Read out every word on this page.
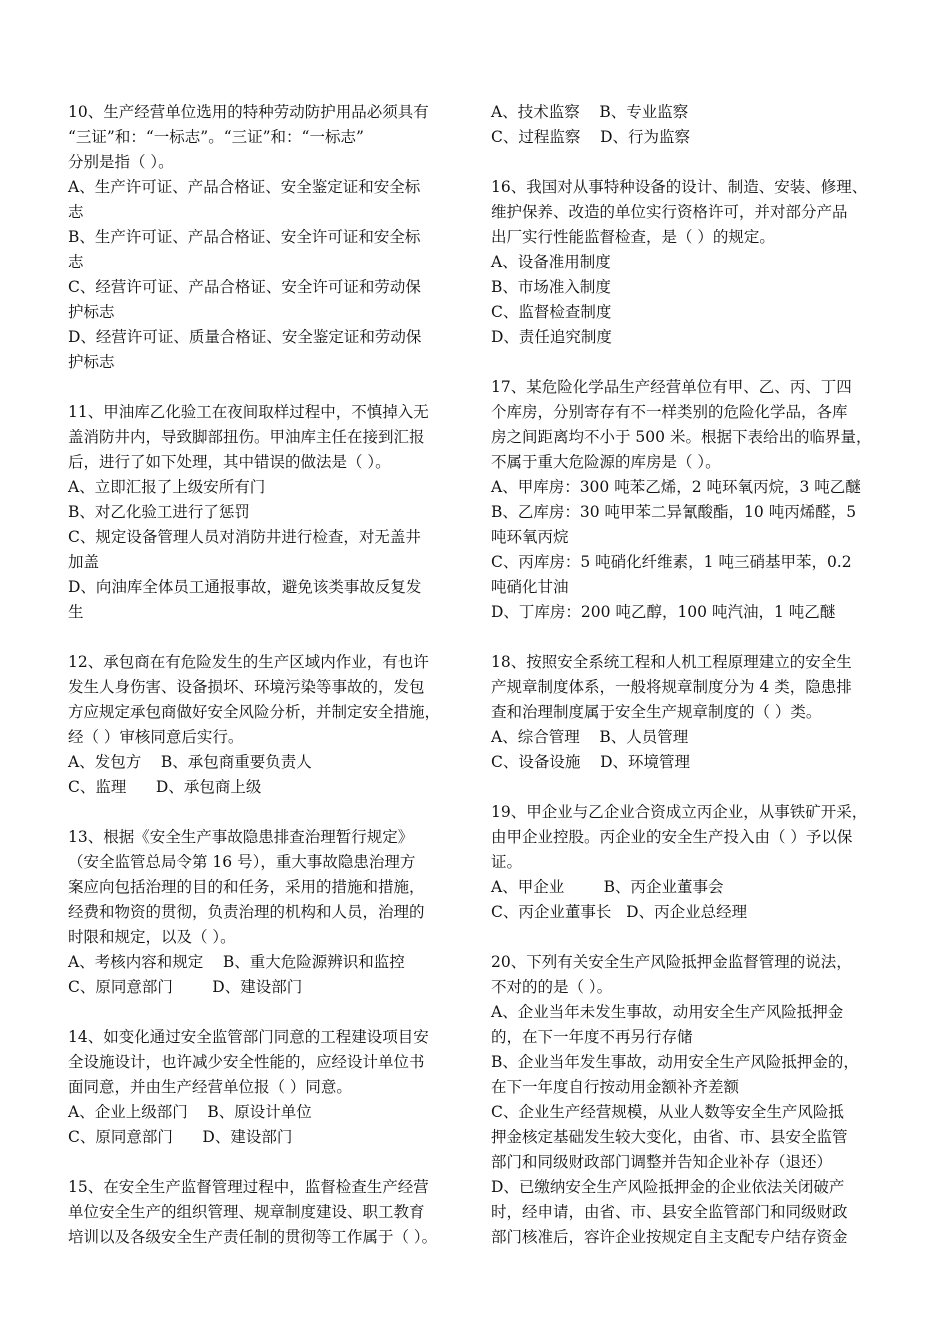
10、生产经营单位选用的特种劳动防护用品必须具有

“三证”和：“一标志”。“三证”和：“一标志”

分别是指（ ）。

A、生产许可证、产品合格证、安全鉴定证和安全标

志

B、生产许可证、产品合格证、安全许可证和安全标

志

C、经营许可证、产品合格证、安全许可证和劳动保

护标志

D、经营许可证、质量合格证、安全鉴定证和劳动保

护标志

11、甲油库乙化验工在夜间取样过程中，不慎掉入无

盖消防井内，导致脚部扭伤。甲油库主任在接到汇报

后，进行了如下处理，其中错误的做法是（ ）。

A、立即汇报了上级安所有门

B、对乙化验工进行了惩罚

C、规定设备管理人员对消防井进行检查，对无盖井

加盖

D、向油库全体员工通报事故，避免该类事故反复发

生

12、承包商在有危险发生的生产区域内作业，有也许

发生人身伤害、设备损坏、环境污染等事故的，发包

方应规定承包商做好安全风险分析，并制定安全措施，

经（ ）审核同意后实行。

A、发包方    B、承包商重要负责人

C、监理      D、承包商上级

13、根据《安全生产事故隐患排查治理暂行规定》

（安全监管总局令第 16 号），重大事故隐患治理方

案应向包括治理的目的和任务，采用的措施和措施，

经费和物资的贯彻，负责治理的机构和人员，治理的

时限和规定，以及（ ）。

A、考核内容和规定    B、重大危险源辨识和监控

C、原同意部门        D、建设部门

14、如变化通过安全监管部门同意的工程建设项目安

全设施设计，也许减少安全性能的，应经设计单位书

面同意，并由生产经营单位报（ ）同意。

A、企业上级部门    B、原设计单位

C、原同意部门      D、建设部门

15、在安全生产监督管理过程中，监督检查生产经营

单位安全生产的组织管理、规章制度建设、职工教育

培训以及各级安全生产责任制的贯彻等工作属于（ ）。

A、技术监察    B、专业监察

C、过程监察    D、行为监察

16、我国对从事特种设备的设计、制造、安装、修理、

维护保养、改造的单位实行资格许可，并对部分产品

出厂实行性能监督检查，是（ ）的规定。

A、设备准用制度

B、市场准入制度

C、监督检查制度

D、责任追究制度

17、某危险化学品生产经营单位有甲、乙、丙、丁四

个库房，分别寄存有不一样类别的危险化学品，各库

房之间距离均不小于 500 米。根据下表给出的临界量，

不属于重大危险源的库房是（ ）。

A、甲库房：300 吨苯乙烯，2 吨环氧丙烷，3 吨乙醚

B、乙库房：30 吨甲苯二异氰酸酯，10 吨丙烯醛，5

吨环氧丙烷

C、丙库房：5 吨硝化纤维素，1 吨三硝基甲苯，0.2

吨硝化甘油

D、丁库房：200 吨乙醇，100 吨汽油，1 吨乙醚

18、按照安全系统工程和人机工程原理建立的安全生

产规章制度体系，一般将规章制度分为 4 类，隐患排

查和治理制度属于安全生产规章制度的（ ）类。

A、综合管理    B、人员管理

C、设备设施    D、环境管理

19、甲企业与乙企业合资成立丙企业，从事铁矿开采，

由甲企业控股。丙企业的安全生产投入由（ ）予以保

证。

A、甲企业        B、丙企业董事会

C、丙企业董事长   D、丙企业总经理

20、下列有关安全生产风险抵押金监督管理的说法，

不对的的是（ ）。

A、企业当年未发生事故，动用安全生产风险抵押金

的，在下一年度不再另行存储

B、企业当年发生事故，动用安全生产风险抵押金的，

在下一年度自行按动用金额补齐差额

C、企业生产经营规模，从业人数等安全生产风险抵

押金核定基础发生较大变化，由省、市、县安全监管

部门和同级财政部门调整并告知企业补存（退还）

D、已缴纳安全生产风险抵押金的企业依法关闭破产

时，经申请，由省、市、县安全监管部门和同级财政

部门核准后，容许企业按规定自主支配专户结存资金
